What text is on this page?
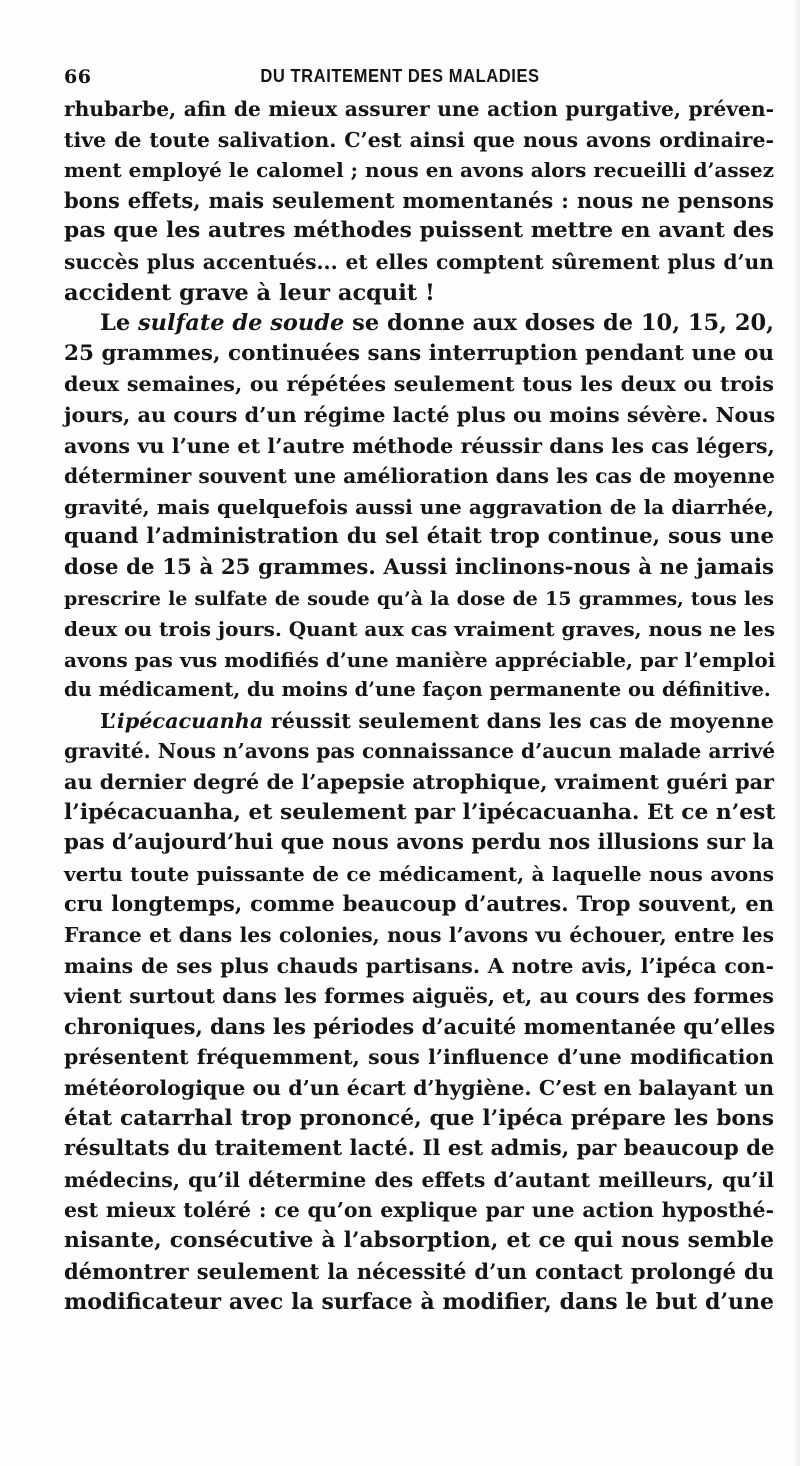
66	DU TRAITEMENT DES MALADIES
rhubarbe, afin de mieux assurer une action purgative, préven-
tive de toute salivation. C’est ainsi que nous avons ordinaire-
ment employé le calomel ; nous en avons alors recueilli d’assez
bons effets, mais seulement momentanés : nous ne pensons
pas que les autres méthodes puissent mettre en avant des
succès plus accentués... et elles comptent sûrement plus d’un
accident grave à leur acquit !
Le sulfate de soude se donne aux doses de 10, 15, 20,
25 grammes, continuées sans interruption pendant une ou
deux semaines, ou répétées seulement tous les deux ou trois
jours, au cours d’un régime lacté plus ou moins sévère. Nous
avons vu l’une et l’autre méthode réussir dans les cas légers,
déterminer souvent une amélioration dans les cas de moyenne
gravité, mais quelquefois aussi une aggravation de la diarrhée,
quand l’administration du sel était trop continue, sous une
dose de 15 à 25 grammes. Aussi inclinons-nous à ne jamais
prescrire le sulfate de soude qu’à la dose de 15 grammes, tous les
deux ou trois jours. Quant aux cas vraiment graves, nous ne les
avons pas vus modifiés d’une manière appréciable, par l’emploi
du médicament, du moins d’une façon permanente ou définitive.
L’ipécacuanha réussit seulement dans les cas de moyenne
gravité. Nous n’avons pas connaissance d’aucun malade arrivé
au dernier degré de l’apepsie atrophique, vraiment guéri par
l’ipécacuanha, et seulement par l’ipécacuanha. Et ce n’est
pas d’aujourd’hui que nous avons perdu nos illusions sur la
vertu toute puissante de ce médicament, à laquelle nous avons
cru longtemps, comme beaucoup d’autres. Trop souvent, en
France et dans les colonies, nous l’avons vu échouer, entre les
mains de ses plus chauds partisans. A notre avis, l’ipéca con-
vient surtout dans les formes aiguës, et, au cours des formes
chroniques, dans les périodes d’acuité momentanée qu’elles
présentent fréquemment, sous l’influence d’une modification
météorologique ou d’un écart d’hygiène. C’est en balayant un
état catarrhal trop prononcé, que l’ipéca prépare les bons
résultats du traitement lacté. Il est admis, par beaucoup de
médecins, qu’il détermine des effets d’autant meilleurs, qu’il
est mieux toléré : ce qu’on explique par une action hyposthé-
nisante, consécutive à l’absorption, et ce qui nous semble
démontrer seulement la nécessité d’un contact prolongé du
modificateur avec la surface à modifier, dans le but d’une
